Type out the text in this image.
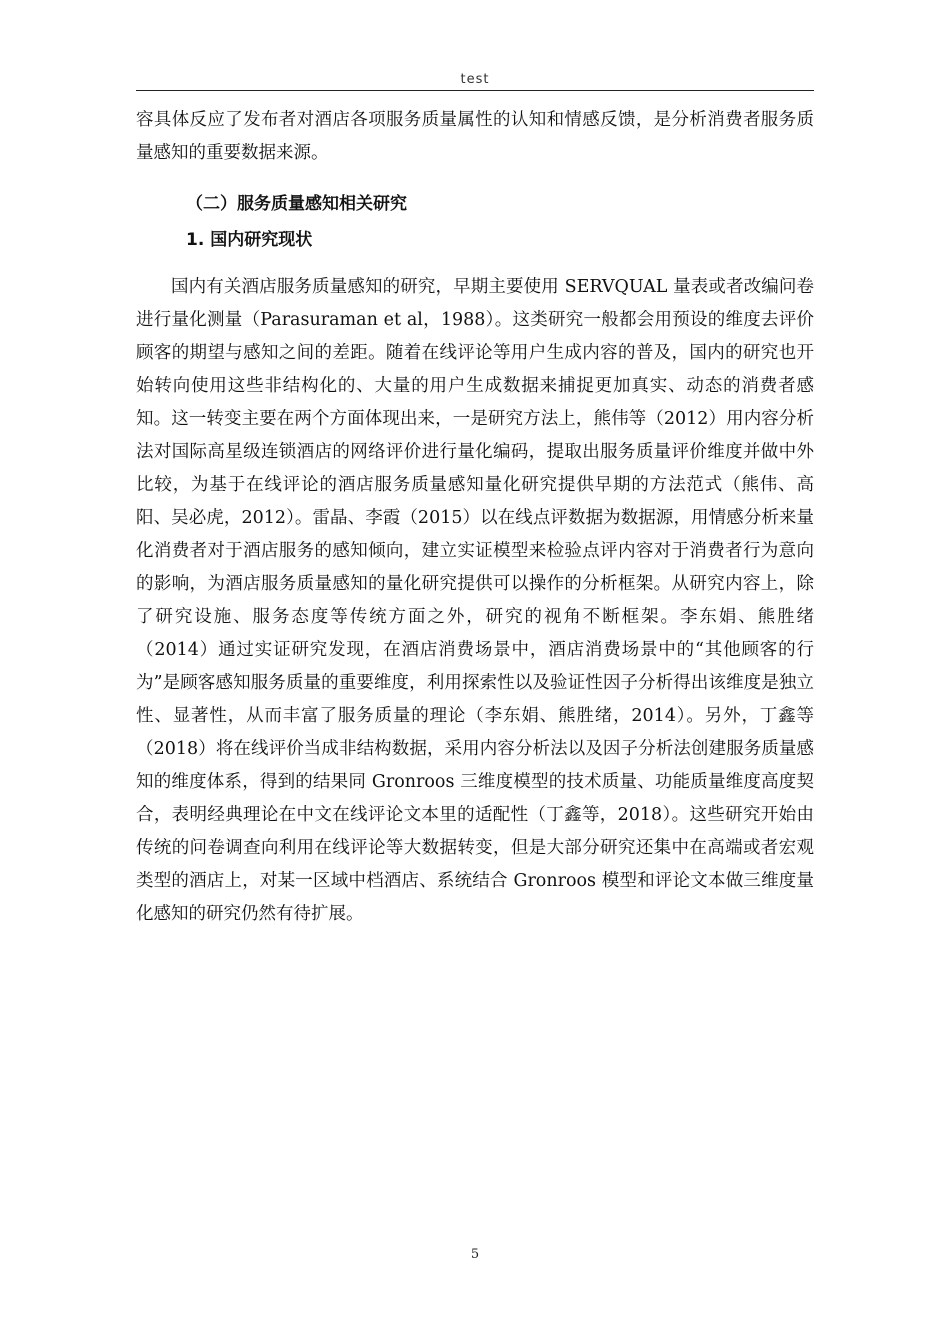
test

容具体反应了发布者对酒店各项服务质量属性的认知和情感反馈，是分析消费者服务质量感知的重要数据来源。

（二）服务质量感知相关研究

1. 国内研究现状

国内有关酒店服务质量感知的研究，早期主要使用 SERVQUAL 量表或者改编问卷进行量化测量（Parasuraman et al，1988）。这类研究一般都会用预设的维度去评价顾客的期望与感知之间的差距。随着在线评论等用户生成内容的普及，国内的研究也开始转向使用这些非结构化的、大量的用户生成数据来捕捉更加真实、动态的消费者感知。这一转变主要在两个方面体现出来，一是研究方法上，熊伟等（2012）用内容分析法对国际高星级连锁酒店的网络评价进行量化编码，提取出服务质量评价维度并做中外比较，为基于在线评论的酒店服务质量感知量化研究提供早期的方法范式（熊伟、高阳、吴必虎，2012）。雷晶、李霞（2015）以在线点评数据为数据源，用情感分析来量化消费者对于酒店服务的感知倾向，建立实证模型来检验点评内容对于消费者行为意向的影响，为酒店服务质量感知的量化研究提供可以操作的分析框架。从研究内容上，除了研究设施、服务态度等传统方面之外，研究的视角不断框架。李东娟、熊胜绪（2014）通过实证研究发现，在酒店消费场景中，酒店消费场景中的“其他顾客的行为”是顾客感知服务质量的重要维度，利用探索性以及验证性因子分析得出该维度是独立性、显著性，从而丰富了服务质量的理论（李东娟、熊胜绪，2014）。另外，丁鑫等（2018）将在线评价当成非结构数据，采用内容分析法以及因子分析法创建服务质量感知的维度体系，得到的结果同 Gronroos 三维度模型的技术质量、功能质量维度高度契合，表明经典理论在中文在线评论文本里的适配性（丁鑫等，2018）。这些研究开始由传统的问卷调查向利用在线评论等大数据转变，但是大部分研究还集中在高端或者宏观类型的酒店上，对某一区域中档酒店、系统结合 Gronroos 模型和评论文本做三维度量化感知的研究仍然有待扩展。

5
